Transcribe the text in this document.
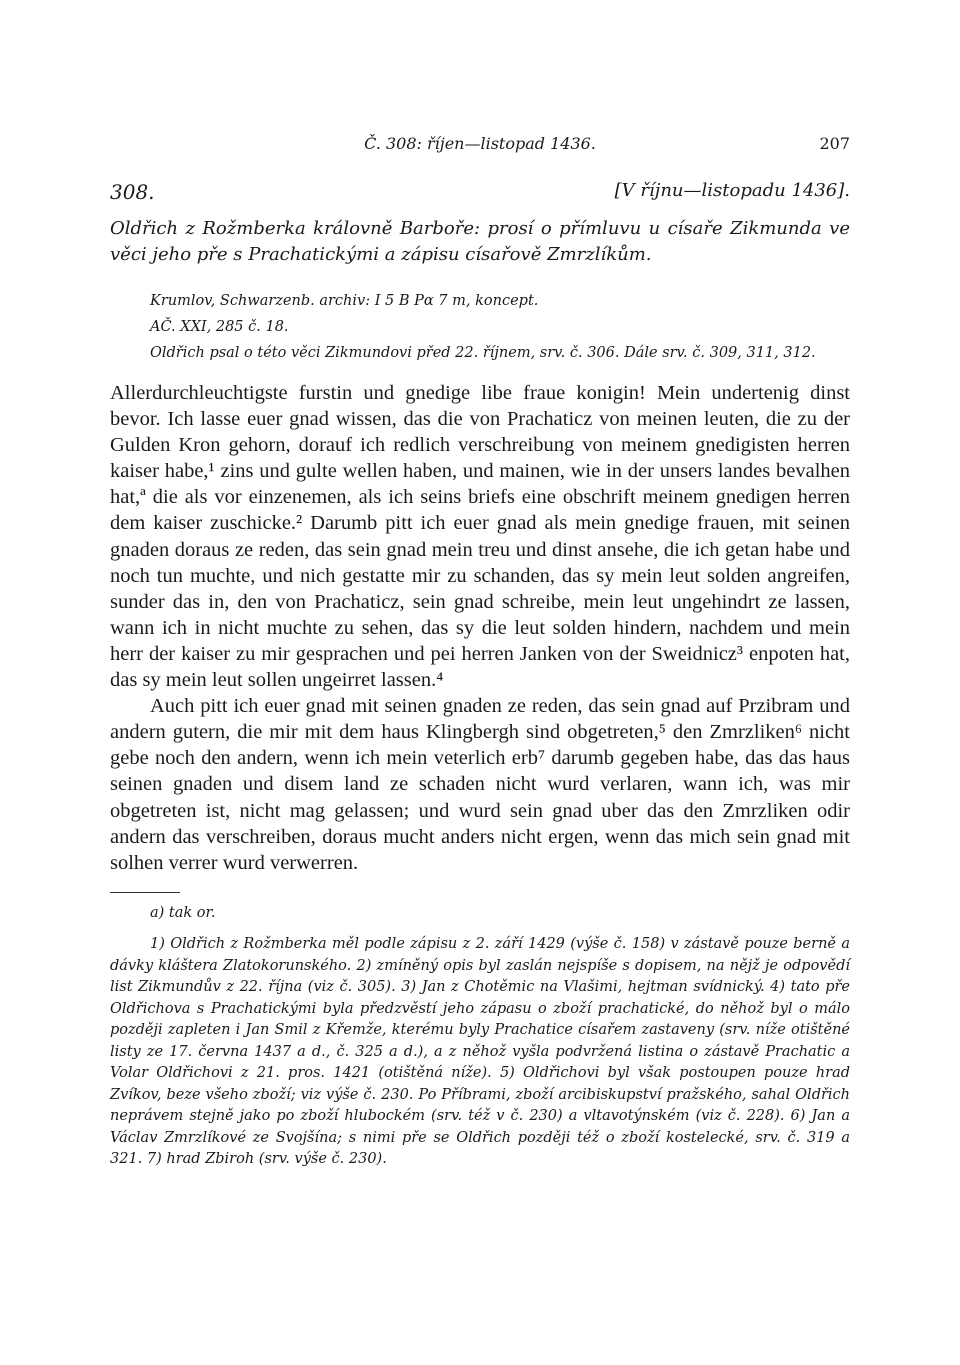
Č. 308: říjen—listopad 1436.	207
308.	[V říjnu—listopadu 1436].
Oldřich z Rožmberka královně Barboře: prosí o přímluvu u císaře Zikmunda ve věci jeho pře s Prachatickými a zápisu císařově Zmrzlíkům.
Krumlov, Schwarzenb. archiv: I 5 B Pα 7 m, koncept.
AČ. XXI, 285 č. 18.
Oldřich psal o této věci Zikmundovi před 22. říjnem, srv. č. 306. Dále srv. č. 309, 311, 312.

Allerdurchleuchtigste furstin und gnedige libe fraue konigin! Mein undertenig dinst bevor. Ich lasse euer gnad wissen, das die von Prachaticz von meinen leuten, die zu der Gulden Kron gehorn, dorauf ich redlich verschreibung von meinem gnedigisten herren kaiser habe,¹ zins und gulte wellen haben, und mainen, wie in der unsers landes bevalhen hat,ª die als vor einzenemen, als ich seins briefs eine obschrift meinem gnedigen herren dem kaiser zuschicke.² Darumb pitt ich euer gnad als mein gnedige frauen, mit seinen gnaden doraus ze reden, das sein gnad mein treu und dinst ansehe, die ich getan habe und noch tun muchte, und nich gestatte mir zu schanden, das sy mein leut solden angreifen, sunder das in, den von Prachaticz, sein gnad schreibe, mein leut ungehindrt ze lassen, wann ich in nicht muchte zu sehen, das sy die leut solden hindern, nachdem und mein herr der kaiser zu mir gesprachen und pei herren Janken von der Sweidnicz³ enpoten hat, das sy mein leut sollen ungeirret lassen.⁴

Auch pitt ich euer gnad mit seinen gnaden ze reden, das sein gnad auf Przibram und andern gutern, die mir mit dem haus Klingbergh sind obgetreten,⁵ den Zmrzliken⁶ nicht gebe noch den andern, wenn ich mein veterlich erb⁷ darumb gegeben habe, das das haus seinen gnaden und disem land ze schaden nicht wurd verlaren, wann ich, was mir obgetreten ist, nicht mag gelassen; und wurd sein gnad uber das den Zmrzliken odir andern das verschreiben, doraus mucht anders nicht ergen, wenn das mich sein gnad mit solhen verrer wurd verwerren.

a) tak or.
1) Oldřich z Rožmberka měl podle zápisu z 2. září 1429 (výše č. 158) v zástavě pouze berně a dávky kláštera Zlatokorunského. 2) zmíněný opis byl zaslán nejspíše s dopisem, na nějž je odpovědí list Zikmundův z 22. října (viz č. 305). 3) Jan z Chotěmic na Vlašimi, hejtman svídnický. 4) tato pře Oldřichova s Prachatickými byla předzvěstí jeho zápasu o zboží prachatické, do něhož byl o málo později zapleten i Jan Smil z Křemže, kterému byly Prachatice císařem zastaveny (srv. níže otištěné listy ze 17. června 1437 a d., č. 325 a d.), a z něhož vyšla podvržená listina o zástavě Prachatic a Volar Oldřichovi z 21. pros. 1421 (otištěná níže). 5) Oldřichovi byl však postoupen pouze hrad Zvíkov, beze všeho zboží; viz výše č. 230. Po Příbrami, zboží arcibiskupství pražského, sahal Oldřich neprávem stejně jako po zboží hlubockém (srv. též v č. 230) a vltavotýnském (viz č. 228). 6) Jan a Václav Zmrzlíkové ze Svojšína; s nimi pře se Oldřich později též o zboží kostelecké, srv. č. 319 a 321. 7) hrad Zbiroh (srv. výše č. 230).
